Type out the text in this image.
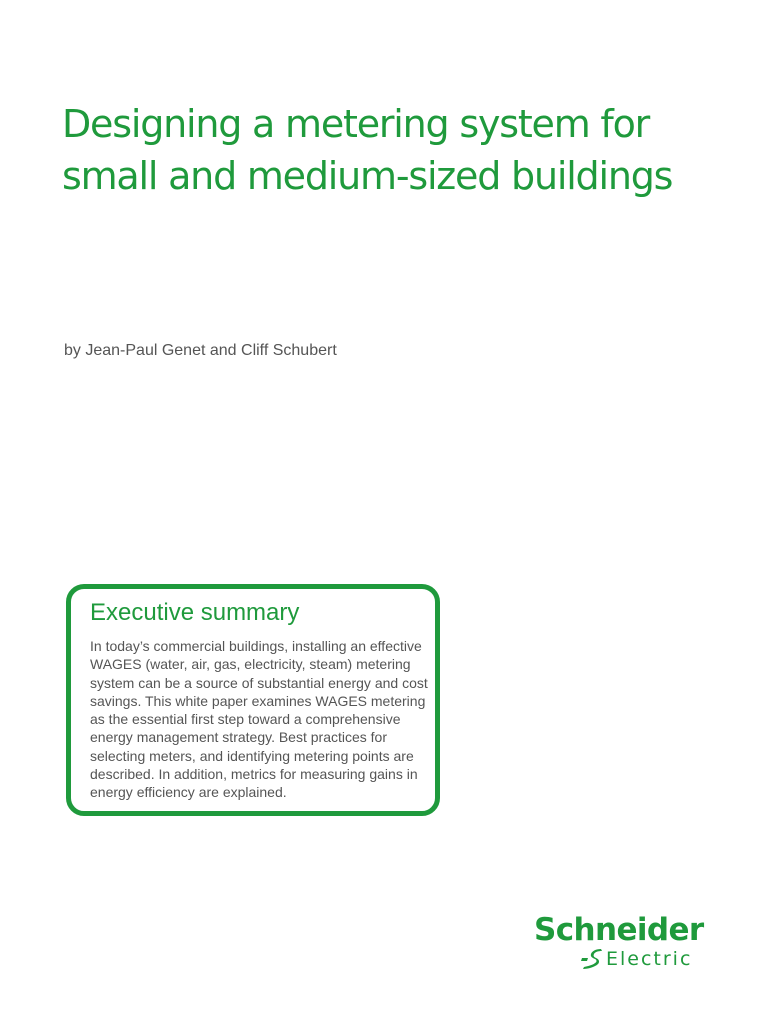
Designing a metering system for
small and medium-sized buildings

by Jean-Paul Genet and Cliff Schubert

Executive summary

In today’s commercial buildings, installing an effective
WAGES (water, air, gas, electricity, steam) metering
system can be a source of substantial energy and cost
savings. This white paper examines WAGES metering
as the essential first step toward a comprehensive
energy management strategy. Best practices for
selecting meters, and identifying metering points are
described. In addition, metrics for measuring gains in
energy efficiency are explained.

Schneider
Electric
